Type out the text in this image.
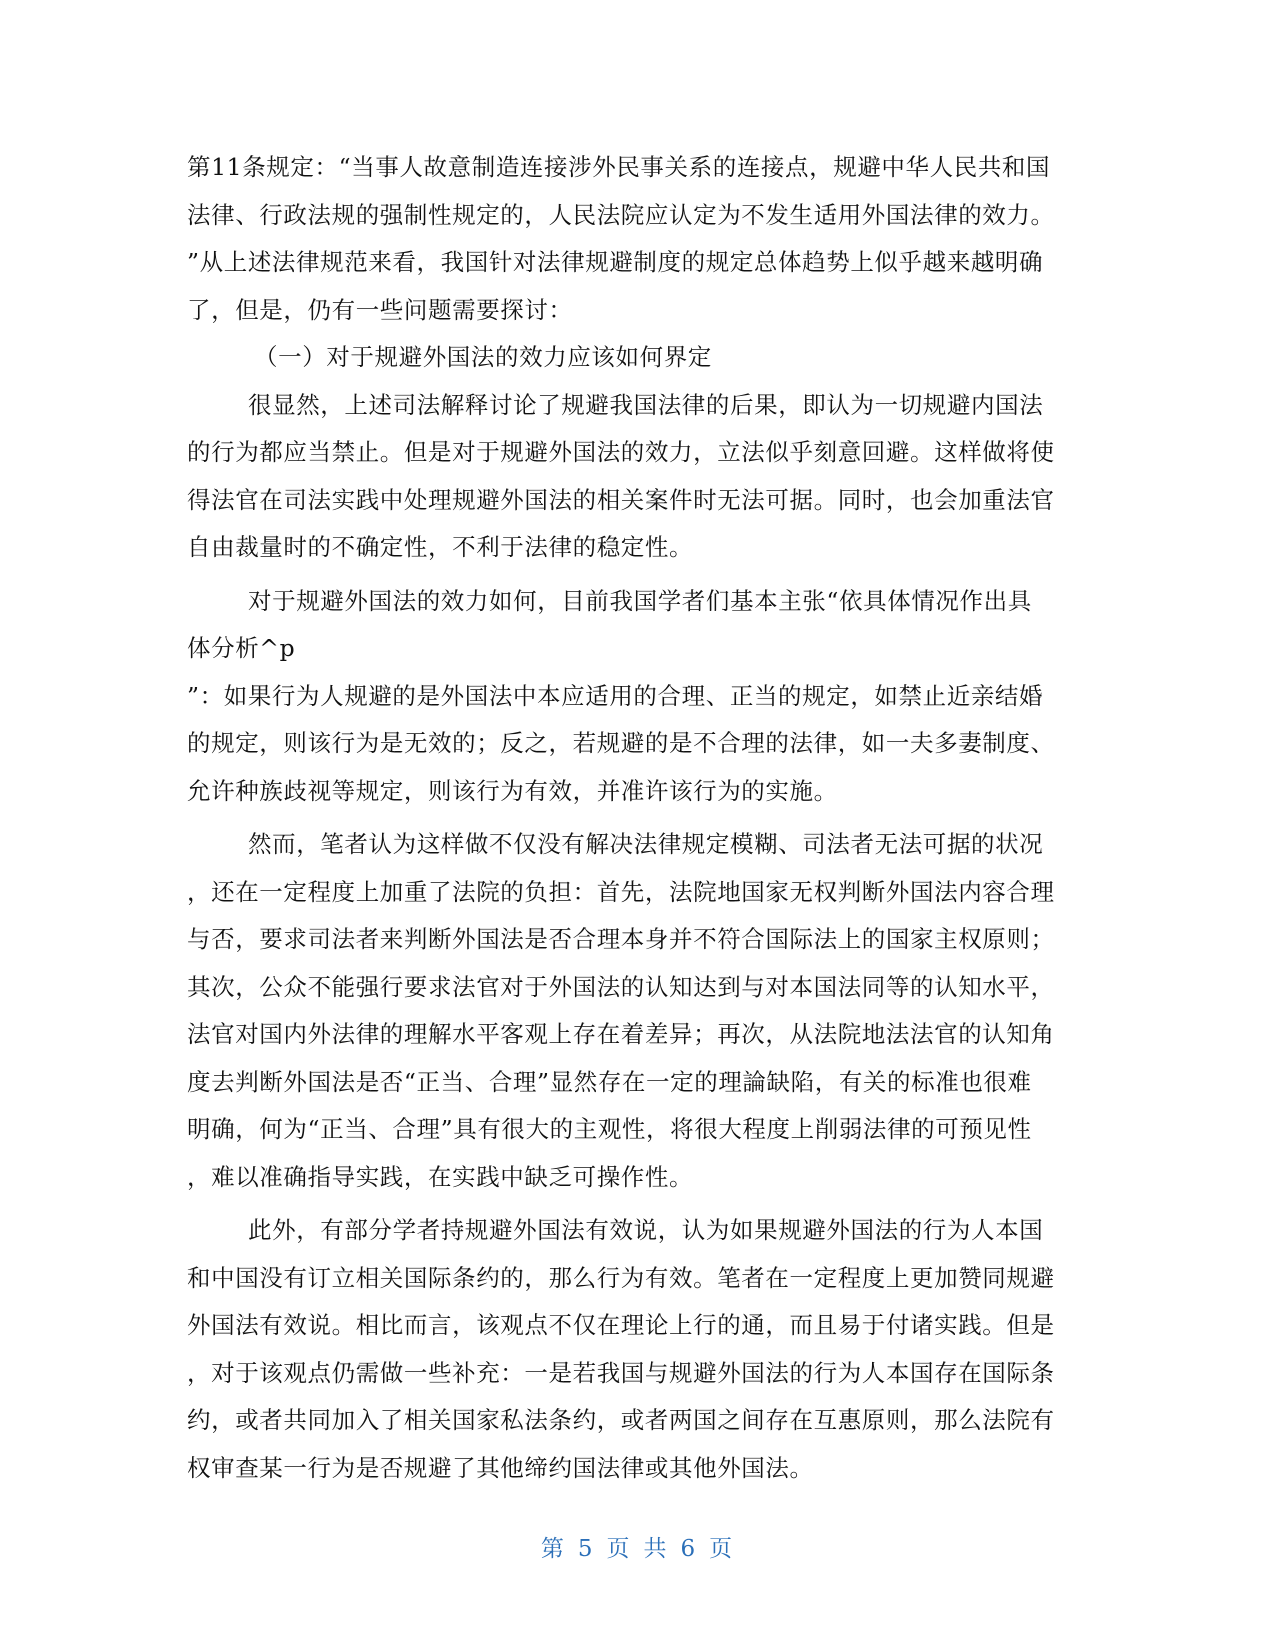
第11条规定：“当事人故意制造连接涉外民事关系的连接点，规避中华人民共和国
法律、行政法规的强制性规定的，人民法院应认定为不发生适用外国法律的效力。
”从上述法律规范来看，我国针对法律规避制度的规定总体趋势上似乎越来越明确
了，但是，仍有一些问题需要探讨：
（一）对于规避外国法的效力应该如何界定
很显然，上述司法解释讨论了规避我国法律的后果，即认为一切规避内国法
的行为都应当禁止。但是对于规避外国法的效力，立法似乎刻意回避。这样做将使
得法官在司法实践中处理规避外国法的相关案件时无法可据。同时，也会加重法官
自由裁量时的不确定性，不利于法律的稳定性。
对于规避外国法的效力如何，目前我国学者们基本主张“依具体情况作出具
体分析^p
”：如果行为人规避的是外国法中本应适用的合理、正当的规定，如禁止近亲结婚
的规定，则该行为是无效的；反之，若规避的是不合理的法律，如一夫多妻制度、
允许种族歧视等规定，则该行为有效，并准许该行为的实施。
然而，笔者认为这样做不仅没有解决法律规定模糊、司法者无法可据的状况
，还在一定程度上加重了法院的负担：首先，法院地国家无权判断外国法内容合理
与否，要求司法者来判断外国法是否合理本身并不符合国际法上的国家主权原则；
其次，公众不能强行要求法官对于外国法的认知达到与对本国法同等的认知水平，
法官对国内外法律的理解水平客观上存在着差异；再次，从法院地法法官的认知角
度去判断外国法是否“正当、合理”显然存在一定的理論缺陷，有关的标准也很难
明确，何为“正当、合理”具有很大的主观性，将很大程度上削弱法律的可预见性
，难以准确指导实践，在实践中缺乏可操作性。
此外，有部分学者持规避外国法有效说，认为如果规避外国法的行为人本国
和中国没有订立相关国际条约的，那么行为有效。笔者在一定程度上更加赞同规避
外国法有效说。相比而言，该观点不仅在理论上行的通，而且易于付诸实践。但是
，对于该观点仍需做一些补充：一是若我国与规避外国法的行为人本国存在国际条
约，或者共同加入了相关国家私法条约，或者两国之间存在互惠原则，那么法院有
权审查某一行为是否规避了其他缔约国法律或其他外国法。
第 5 页 共 6 页
